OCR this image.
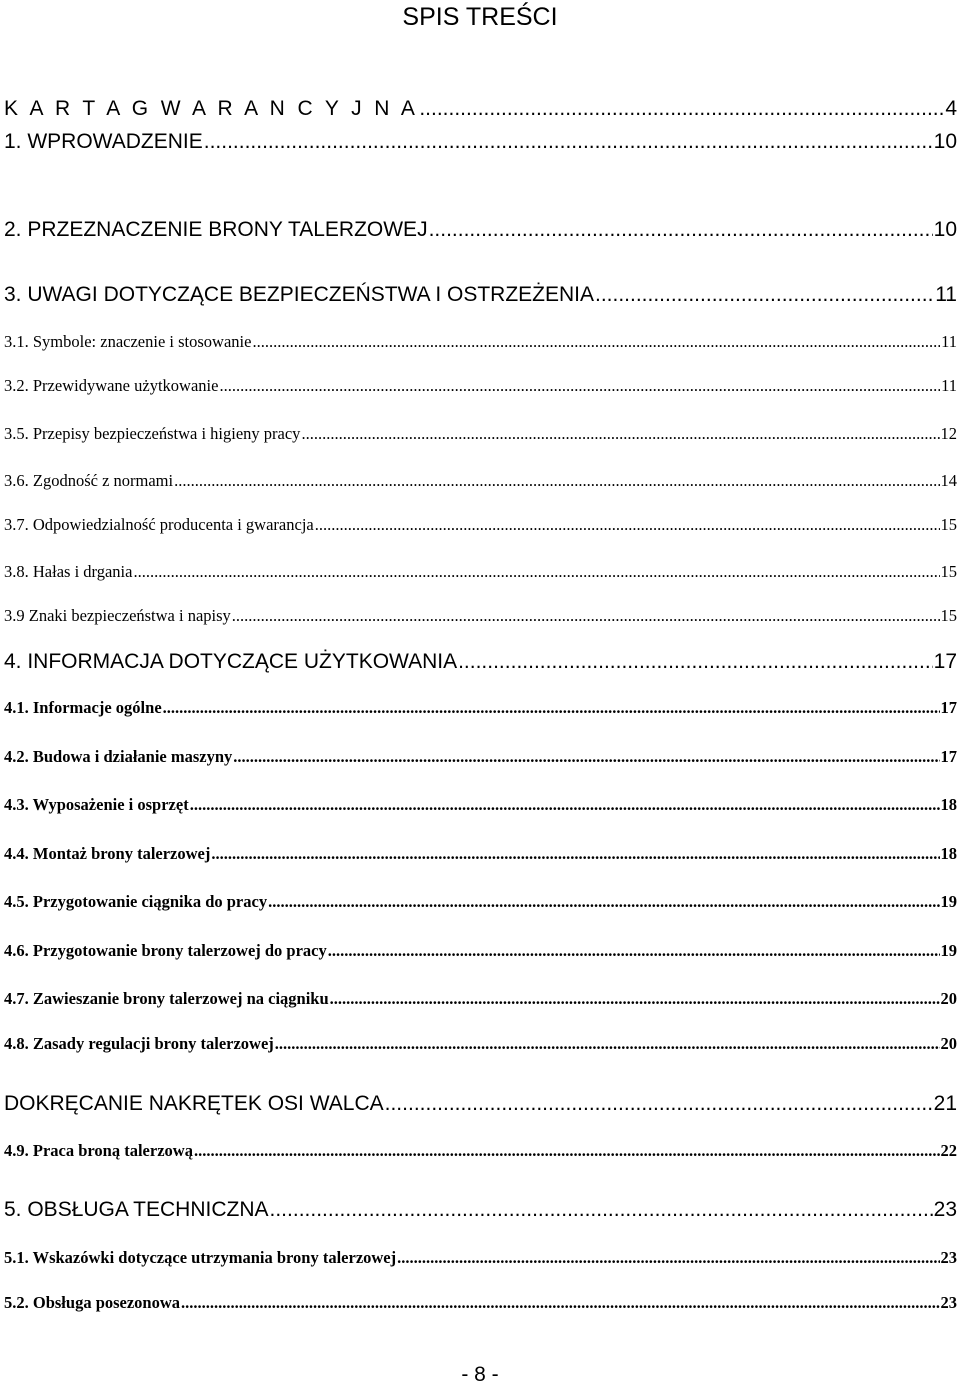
SPIS TREŚCI
K A R T A G W A R A N C Y J N A .....	4
1. WPROWADZENIE .....	10
2. PRZEZNACZENIE BRONY TALERZOWEJ .....	10
3. UWAGI DOTYCZĄCE BEZPIECZEŃSTWA I OSTRZEŻENIA .....	11
3.1. Symbole: znaczenie i stosowanie .....	11
3.2. Przewidywane użytkowanie .....	11
3.5. Przepisy bezpieczeństwa i higieny pracy .....	12
3.6. Zgodność z normami .....	14
3.7. Odpowiedzialność producenta i gwarancja .....	15
3.8. Hałas i drgania .....	15
3.9 Znaki bezpieczeństwa i napisy .....	15
4. INFORMACJA DOTYCZĄCE UŻYTKOWANIA .....	17
4.1. Informacje ogólne .....	17
4.2. Budowa i działanie maszyny .....	17
4.3. Wyposażenie i osprzęt .....	18
4.4. Montaż brony talerzowej .....	18
4.5. Przygotowanie ciągnika do pracy .....	19
4.6. Przygotowanie brony talerzowej do pracy .....	19
4.7. Zawieszanie brony talerzowej na ciągniku .....	20
4.8. Zasady regulacji brony talerzowej .....	20
DOKRĘCANIE NAKRĘTEK OSI WALCA .....	21
4.9. Praca broną talerzową .....	22
5. OBSŁUGA TECHNICZNA .....	23
5.1. Wskazówki dotyczące utrzymania brony talerzowej .....	23
5.2. Obsługa posezonowa .....	23
- 8 -
